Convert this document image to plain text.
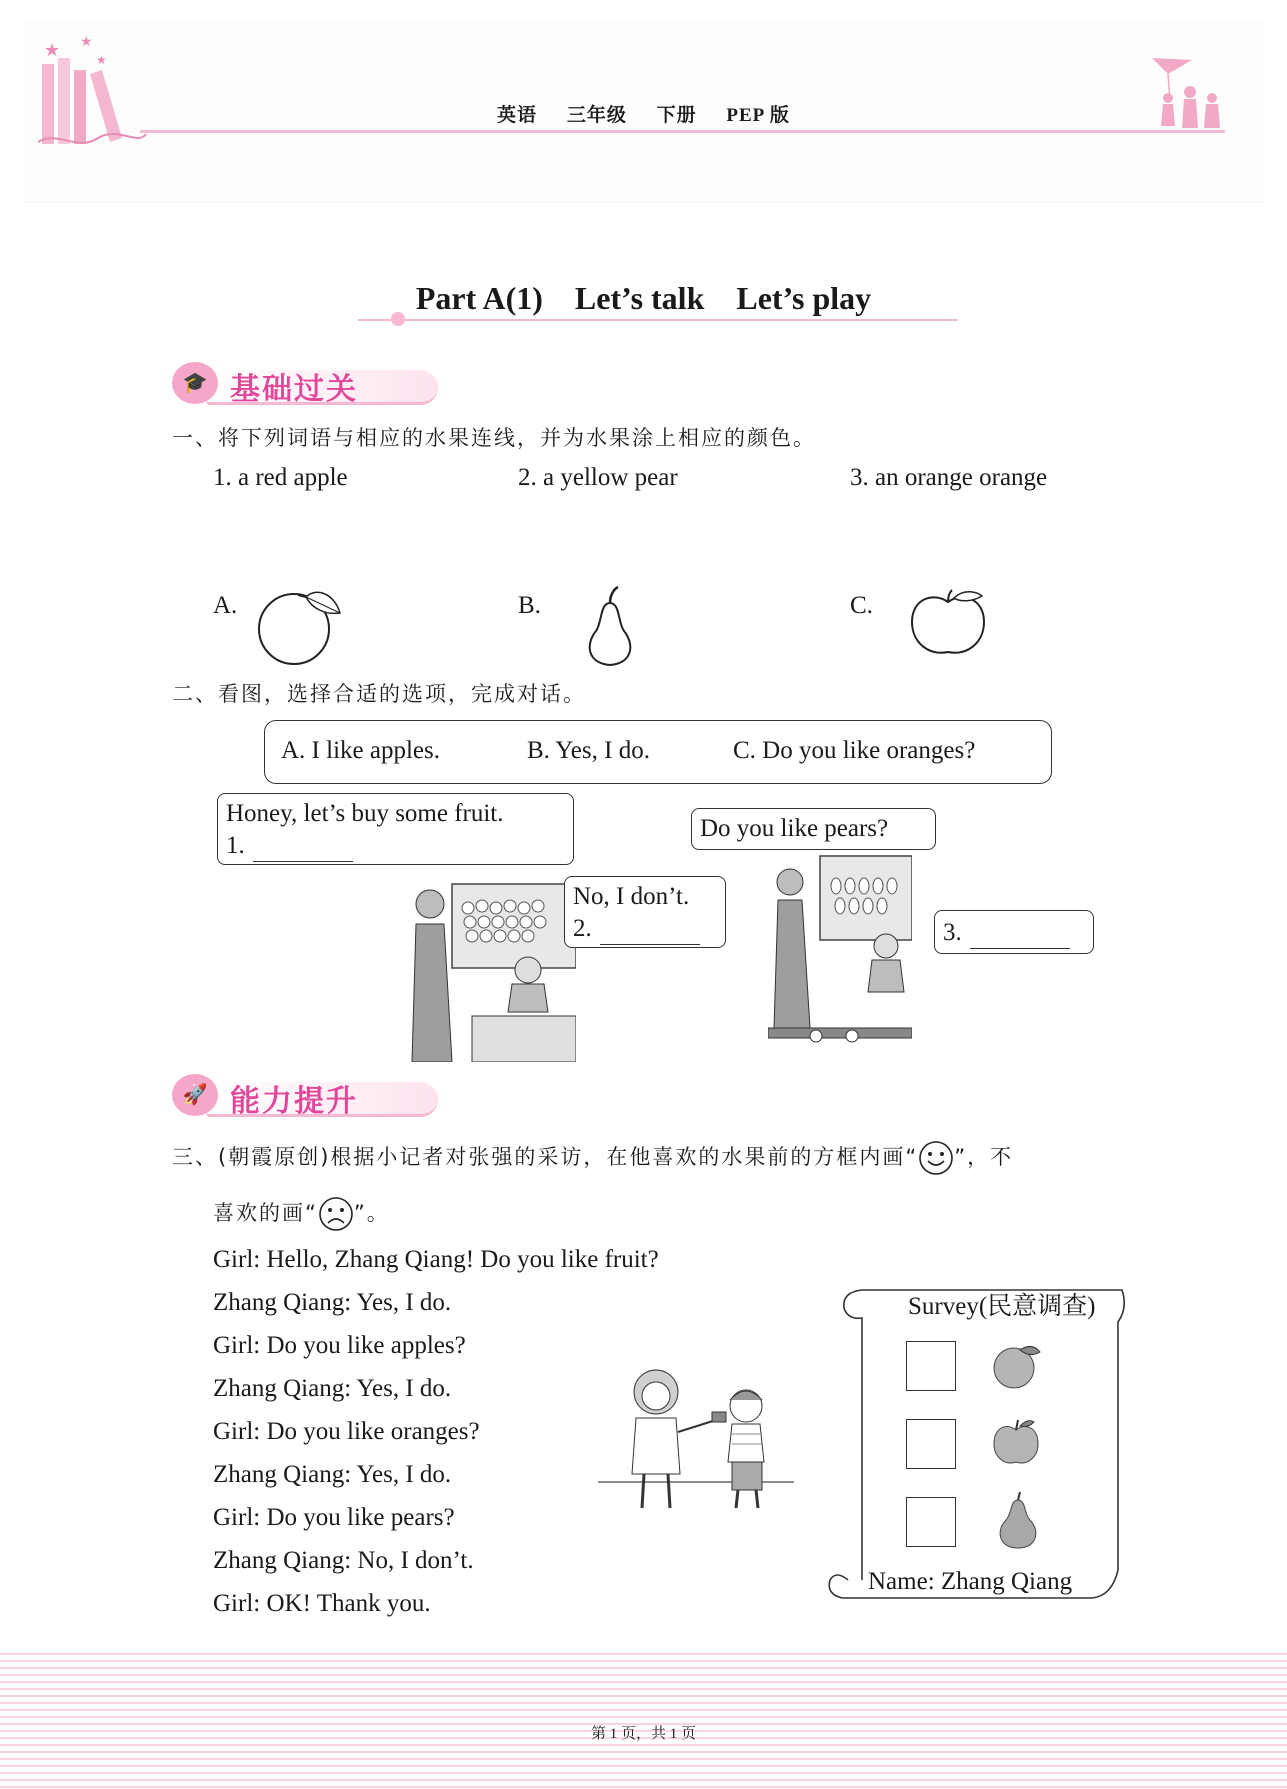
★ ★
★
英语 三年级 下册 PEP 版
Part A(1) Let’s talk Let’s play
🎓 基础过关
一、将下列词语与相应的水果连线，并为水果涂上相应的颜色。
1. a red apple	2. a yellow pear	3. an orange orange
A.	B.	C.
二、看图，选择合适的选项，完成对话。
A. I like apples.	B. Yes, I do.	C. Do you like oranges?
Honey, let’s buy some fruit.
1.
No, I don’t.
2.
Do you like pears?
3.
🚀 能力提升
三、(朝霞原创)根据小记者对张强的采访，在他喜欢的水果前的方框内画“ ”，不
喜欢的画“ ”。
Girl: Hello, Zhang Qiang! Do you like fruit?
Zhang Qiang: Yes, I do.
Girl: Do you like apples?
Zhang Qiang: Yes, I do.
Girl: Do you like oranges?
Zhang Qiang: Yes, I do.
Girl: Do you like pears?
Zhang Qiang: No, I don’t.
Girl: OK! Thank you.
Survey(民意调查)
Name: Zhang Qiang
第 1 页，共 1 页
